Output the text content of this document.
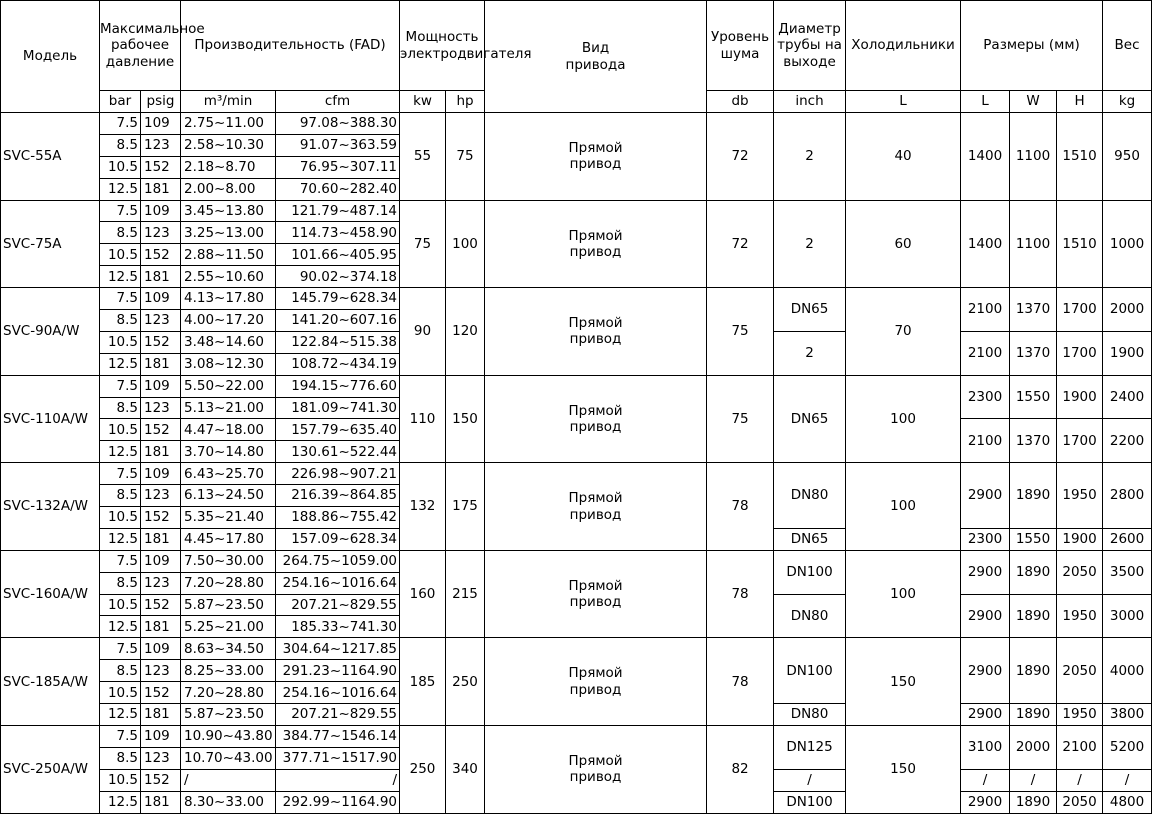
Модель	Максимальное рабочее давление		Производительность (FAD)		Мощность электродвигателя		Вид привода	Уровень шума	Диаметр трубы на выходе	Холодильники	Размеры (мм)			Вес
	bar	psig	m³/min	cfm	kw	hp		db	inch	L	L	W	H	kg
SVC-55A	7.5	109	2.75~11.00	97.08~388.30	55	75	Прямой привод	72	2	40	1400	1100	1510	950
	8.5	123	2.58~10.30	91.07~363.59										
	10.5	152	2.18~8.70	76.95~307.11										
	12.5	181	2.00~8.00	70.60~282.40										
SVC-75A	7.5	109	3.45~13.80	121.79~487.14	75	100	Прямой привод	72	2	60	1400	1100	1510	1000
	8.5	123	3.25~13.00	114.73~458.90										
	10.5	152	2.88~11.50	101.66~405.95										
	12.5	181	2.55~10.60	90.02~374.18										
SVC-90A/W	7.5	109	4.13~17.80	145.79~628.34	90	120	Прямой привод	75	DN65	70	2100	1370	1700	2000
	8.5	123	4.00~17.20	141.20~607.16										
	10.5	152	3.48~14.60	122.84~515.38					2		2100	1370	1700	1900
	12.5	181	3.08~12.30	108.72~434.19										
SVC-110A/W	7.5	109	5.50~22.00	194.15~776.60	110	150	Прямой привод	75	DN65	100	2300	1550	1900	2400
	8.5	123	5.13~21.00	181.09~741.30										
	10.5	152	4.47~18.00	157.79~635.40							2100	1370	1700	2200
	12.5	181	3.70~14.80	130.61~522.44										
SVC-132A/W	7.5	109	6.43~25.70	226.98~907.21	132	175	Прямой привод	78	DN80	100	2900	1890	1950	2800
	8.5	123	6.13~24.50	216.39~864.85										
	10.5	152	5.35~21.40	188.86~755.42										
	12.5	181	4.45~17.80	157.09~628.34					DN65		2300	1550	1900	2600
SVC-160A/W	7.5	109	7.50~30.00	264.75~1059.00	160	215	Прямой привод	78	DN100	100	2900	1890	2050	3500
	8.5	123	7.20~28.80	254.16~1016.64										
	10.5	152	5.87~23.50	207.21~829.55					DN80		2900	1890	1950	3000
	12.5	181	5.25~21.00	185.33~741.30										
SVC-185A/W	7.5	109	8.63~34.50	304.64~1217.85	185	250	Прямой привод	78	DN100	150	2900	1890	2050	4000
	8.5	123	8.25~33.00	291.23~1164.90										
	10.5	152	7.20~28.80	254.16~1016.64										
	12.5	181	5.87~23.50	207.21~829.55					DN80		2900	1890	1950	3800
SVC-250A/W	7.5	109	10.90~43.80	384.77~1546.14	250	340	Прямой привод	82	DN125	150	3100	2000	2100	5200
	8.5	123	10.70~43.00	377.71~1517.90										
	10.5	152	/	/					/		/	/	/	/
	12.5	181	8.30~33.00	292.99~1164.90					DN100		2900	1890	2050	4800
